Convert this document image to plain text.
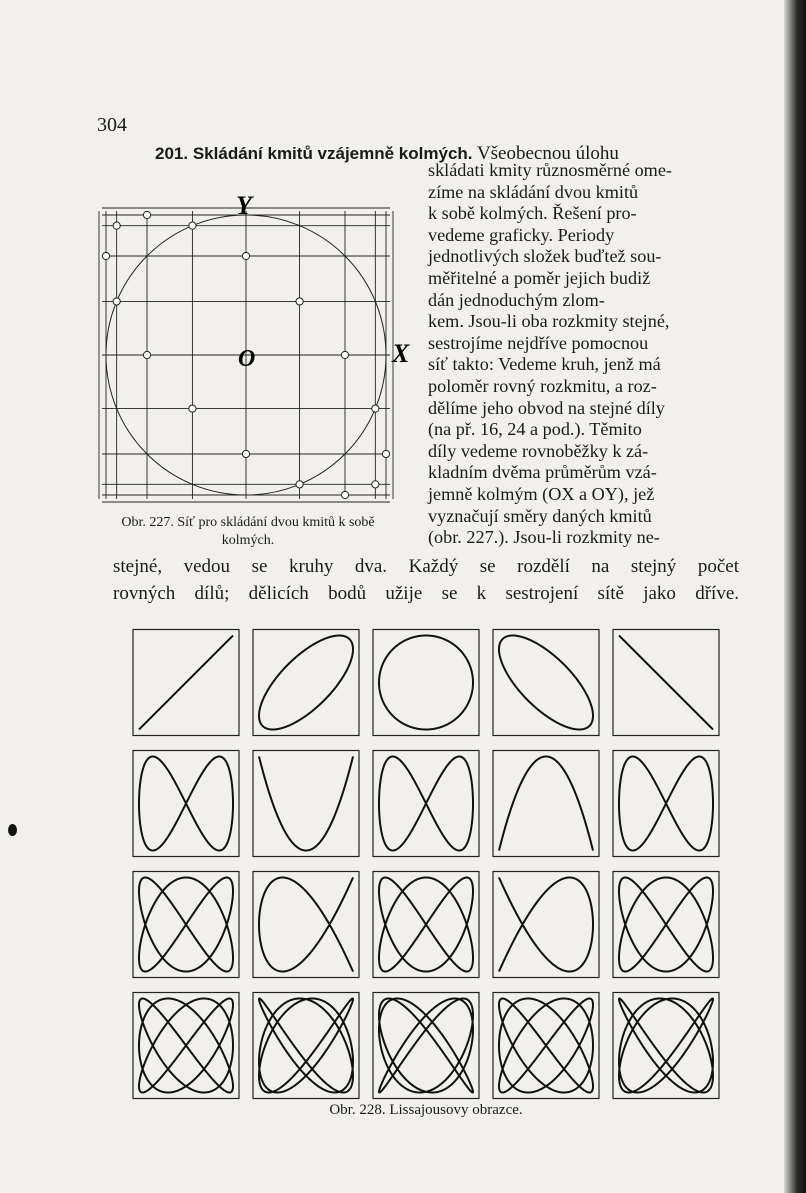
304
201. Skládání kmitů vzájemně kolmých. Všeobecnou úlohu
Y
X
O
Obr. 227. Síť pro skládání dvou kmitů k sobě kolmých.
skládati kmity různosměrné ome-
zíme na skládání dvou kmitů
k sobě kolmých. Řešení pro-
vedeme graficky. Periody
jednotlivých složek buďtež sou-
měřitelné a poměr jejich budiž
dán jednoduchým zlom-
kem. Jsou-li oba rozkmity stejné,
sestrojíme nejdříve pomocnou
síť takto: Vedeme kruh, jenž má
poloměr rovný rozkmitu, a roz-
dělíme jeho obvod na stejné díly
(na př. 16, 24 a pod.). Těmito
díly vedeme rovnoběžky k zá-
kladním dvěma průměrům vzá-
jemně kolmým (OX a OY), jež
vyznačují směry daných kmitů
(obr. 227.). Jsou-li rozkmity ne-
stejné, vedou se kruhy dva. Každý se rozdělí na stejný počet
rovných dílů; dělicích bodů užije se k sestrojení sítě jako dříve.
Obr. 228. Lissajousovy obrazce.
